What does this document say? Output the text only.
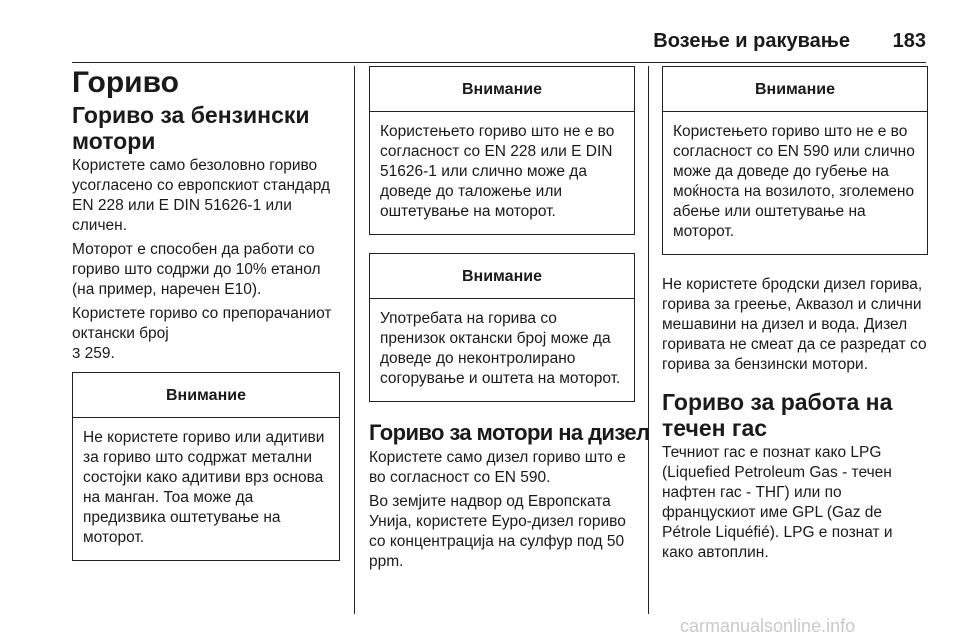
Возење и ракување 183
Гориво
Гориво за бензински мотори
Користете само безоловно гориво усогласено со европскиот стандард EN 228 или E DIN 51626-1 или сличен.
Моторот е способен да работи со гориво што содржи до 10% етанол (на пример, наречен E10).
Користете гориво со препорачаниот октански број
3 259.
Внимание
Не користете гориво или адитиви за гориво што содржат метални состојки како адитиви врз основа на манган. Тоа може да предизвика оштетување на моторот.
Внимание
Користењето гориво што не е во согласност со EN 228 или E DIN 51626-1 или слично може да доведе до таложење или оштетување на моторот.
Внимание
Употребата на горива со пренизок октански број може да доведе до неконтролирано согорување и оштета на моторот.
Гориво за мотори на дизел
Користете само дизел гориво што е во согласност со EN 590.
Во земјите надвор од Европската Унија, користете Еуро-дизел гориво со концентрација на сулфур под 50 ppm.
Внимание
Користењето гориво што не е во согласност со EN 590 или слично може да доведе до губење на моќноста на возилото, зголемено абење или оштетување на моторот.
Не користете бродски дизел горива, горива за греење, Аквазол и слични мешавини на дизел и вода. Дизел горивата не смеат да се разредат со горива за бензински мотори.
Гориво за работа на течен гас
Течниот гас е познат како LPG (Liquefied Petroleum Gas - течен нафтен гас - ТНГ) или по францускиот име GPL (Gaz de Pétrole Liquéfié). LPG е познат и како автоплин.
carmanualsonline.info
